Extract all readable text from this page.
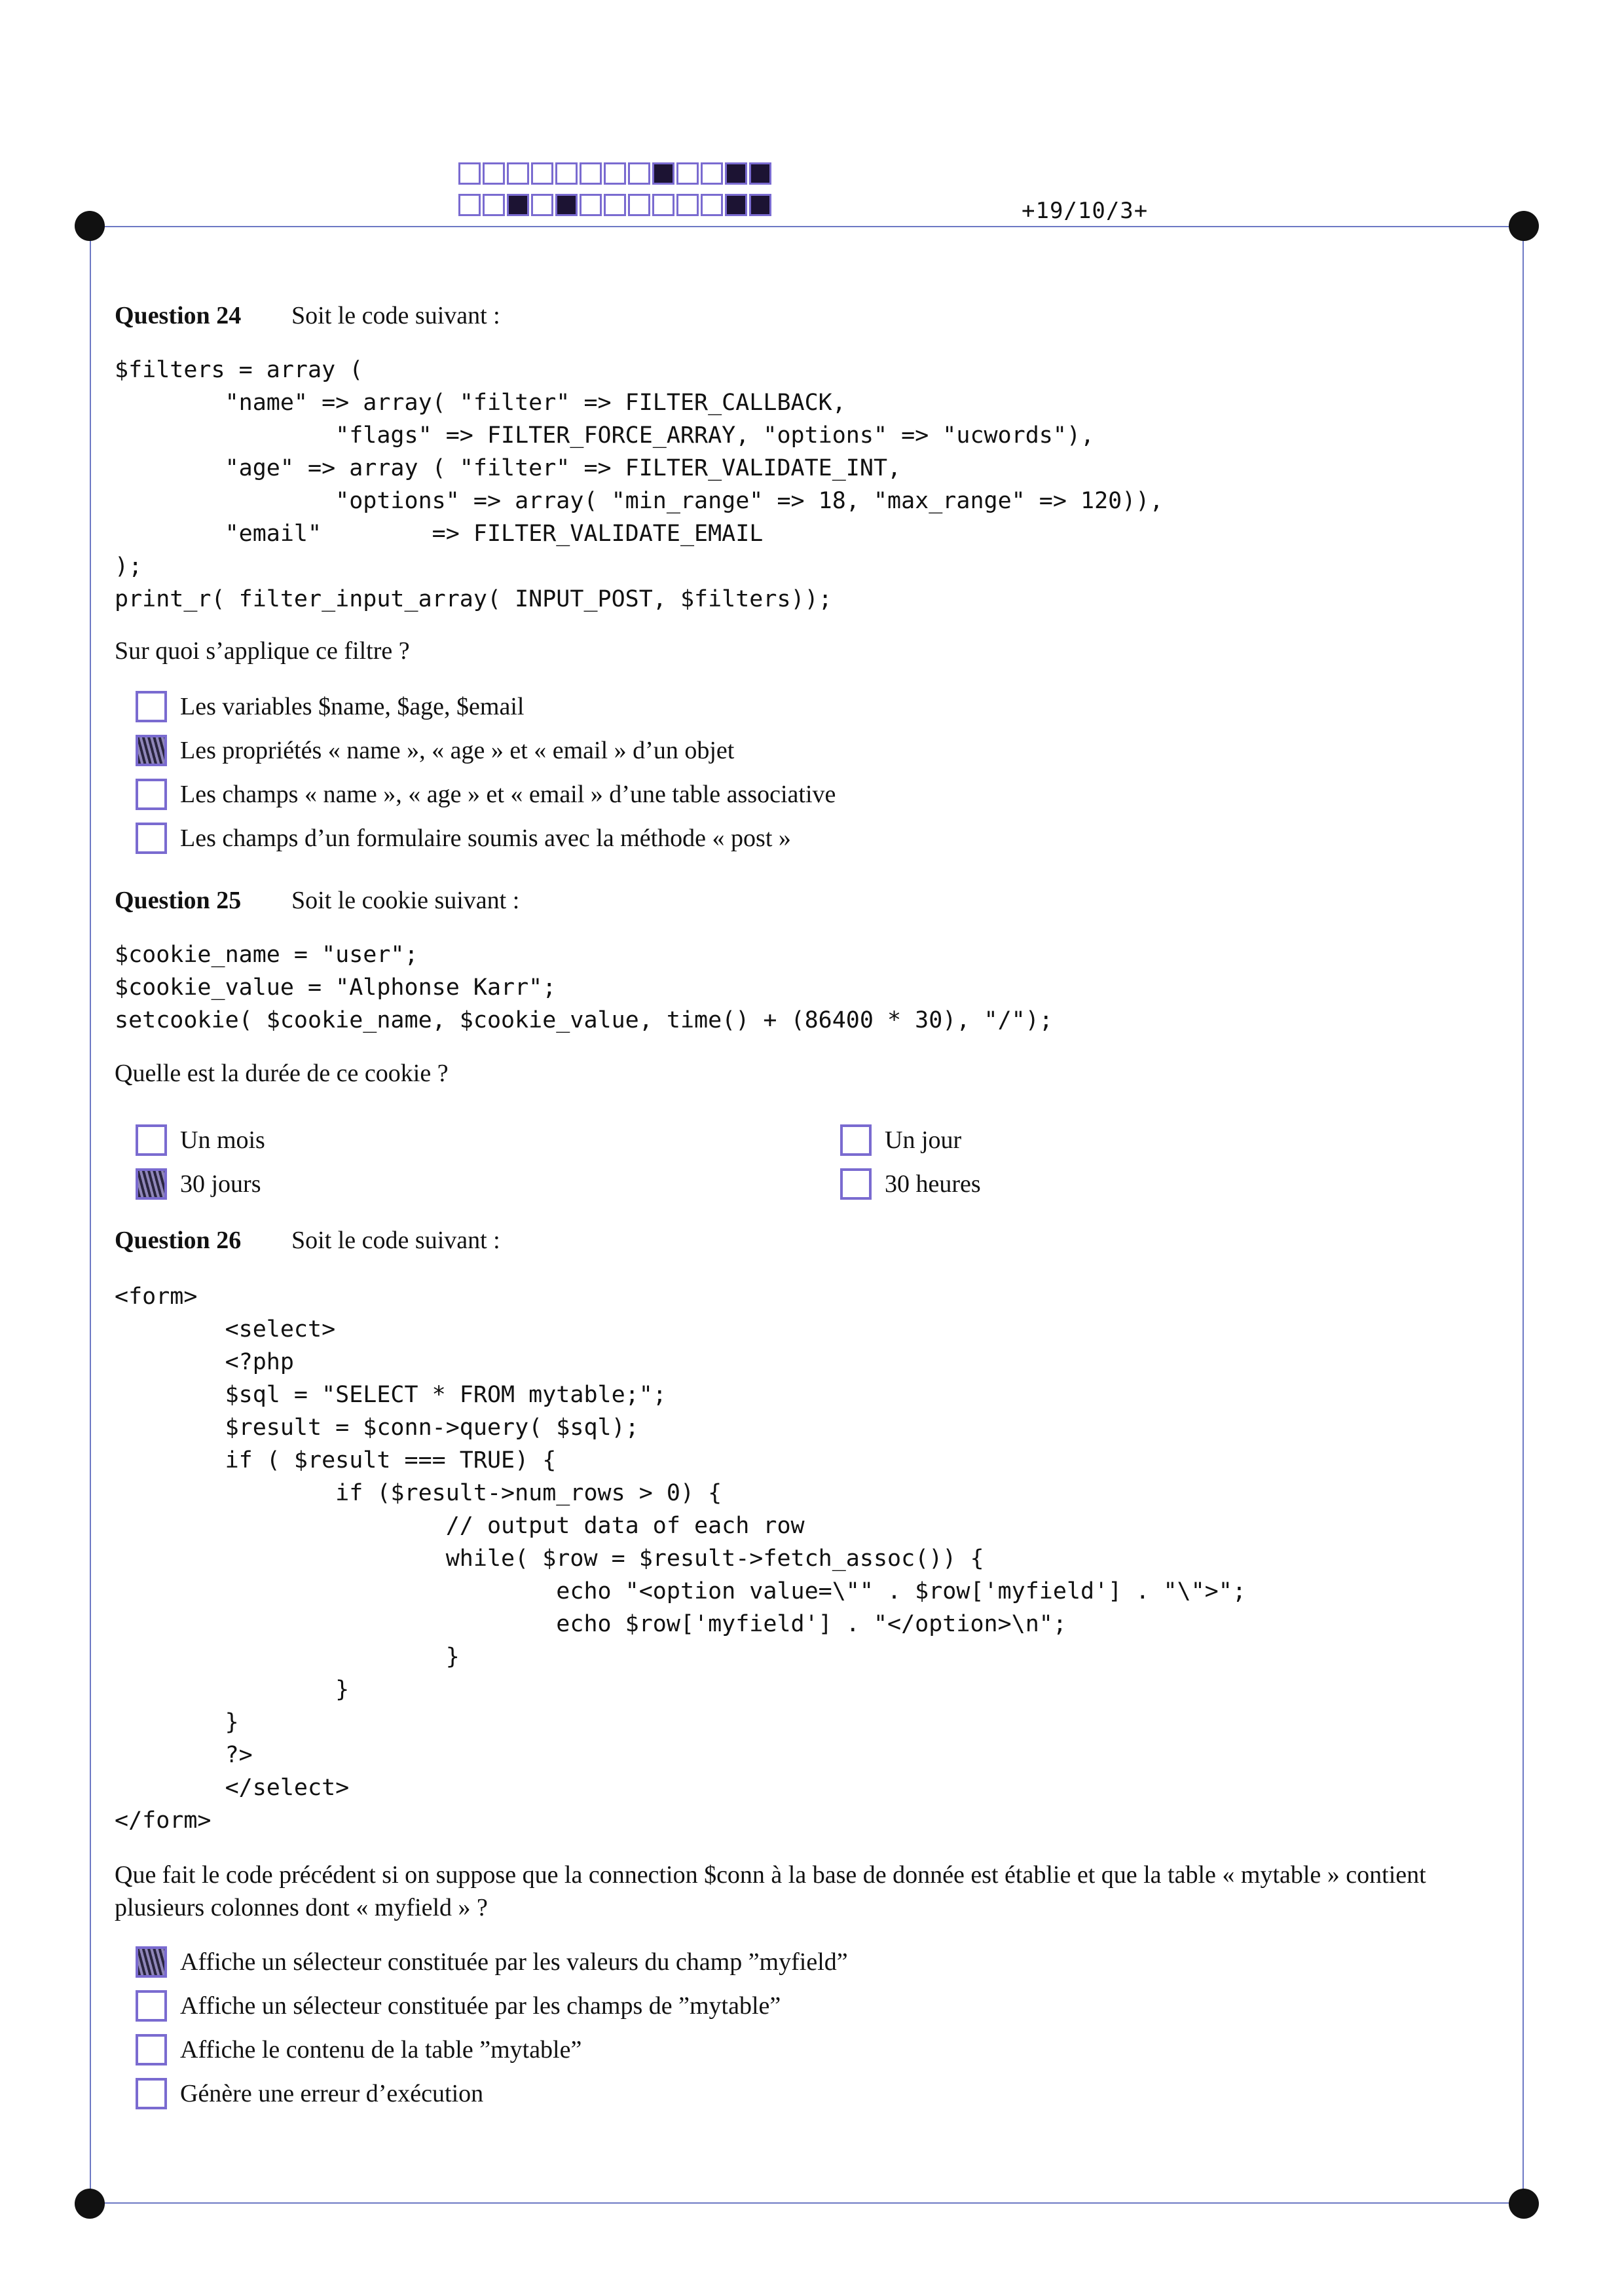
+19/10/3+
Question 24 Soit le code suivant :
$filters = array (
"name" => array( "filter" => FILTER_CALLBACK,
"flags" => FILTER_FORCE_ARRAY, "options" => "ucwords"),
"age" => array ( "filter" => FILTER_VALIDATE_INT,
"options" => array( "min_range" => 18, "max_range" => 120)),
"email"        => FILTER_VALIDATE_EMAIL
);
print_r( filter_input_array( INPUT_POST, $filters));
Sur quoi s’applique ce filtre ?
Les variables $name, $age, $email
Les propriétés « name », « age » et « email » d’un objet
Les champs « name », « age » et « email » d’une table associative
Les champs d’un formulaire soumis avec la méthode « post »
Question 25 Soit le cookie suivant :
$cookie_name = "user";
$cookie_value = "Alphonse Karr";
setcookie( $cookie_name, $cookie_value, time() + (86400 * 30), "/");
Quelle est la durée de ce cookie ?
Un mois
30 jours
Un jour
30 heures
Question 26 Soit le code suivant :
<form>
<select>
<?php
$sql = "SELECT * FROM mytable;";
$result = $conn->query( $sql);
if ( $result === TRUE) {
if ($result->num_rows > 0) {
// output data of each row
while( $row = $result->fetch_assoc()) {
echo "<option value=\"" . $row['myfield'] . "\">";
echo $row['myfield'] . "</option>\n";
}
}
}
?>
</select>
</form>
Que fait le code précédent si on suppose que la connection $conn à la base de donnée est établie et que la table « mytable » contient plusieurs colonnes dont « myfield » ?
Affiche un sélecteur constituée par les valeurs du champ ”myfield”
Affiche un sélecteur constituée par les champs de ”mytable”
Affiche le contenu de la table ”mytable”
Génère une erreur d’exécution
